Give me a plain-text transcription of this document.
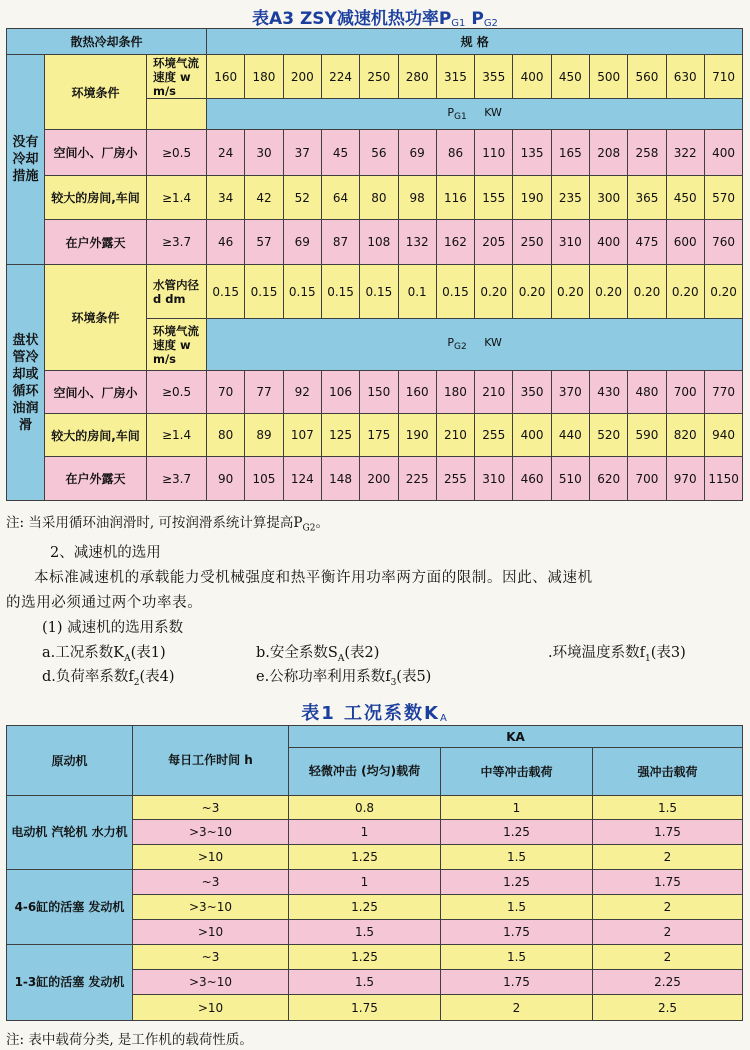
表A3 ZSY减速机热功率$P_{G1}$ $P_{G2}$
散热冷却条件			规 格													
没有冷却措施	环境条件	环境气流速度 w m/s	160	180	200	224	250	280	315	355	400	450	500	560	630	710
			$P_{G1}$ KW													
	空间小、厂房小	≥0.5	24	30	37	45	56	69	86	110	135	165	208	258	322	400
	较大的房间,车间	≥1.4	34	42	52	64	80	98	116	155	190	235	300	365	450	570
	在户外露天	≥3.7	46	57	69	87	108	132	162	205	250	310	400	475	600	760
盘状管冷却或循环油润滑	环境条件	水管内径 d dm	0.15	0.15	0.15	0.15	0.15	0.1	0.15	0.20	0.20	0.20	0.20	0.20	0.20	0.20
		环境气流速度 w m/s	$P_{G2}$ KW													
	空间小、厂房小	≥0.5	70	77	92	106	150	160	180	210	350	370	430	480	700	770
	较大的房间,车间	≥1.4	80	89	107	125	175	190	210	255	400	440	520	590	820	940
	在户外露天	≥3.7	90	105	124	148	200	225	255	310	460	510	620	700	970	1150
注: 当采用循环油润滑时, 可按润滑系统计算提高$P_{G2}$。
2、减速机的选用
本标准减速机的承载能力受机械强度和热平衡许用功率两方面的限制。因此、减速机
的选用必须通过两个功率表。
(1) 减速机的选用系数
a.工况系数$K_A$(表1)	b.安全系数$S_A$(表2)	.环境温度系数$f_1$(表3)
d.负荷率系数$f_2$(表4)	e.公称功率利用系数$f_3$(表5)
表1 工况系数$K_A$
原动机	每日工作时间 h	KA		
		轻微冲击 (均匀)载荷	中等冲击载荷	强冲击载荷
电动机 汽轮机 水力机	~3	0.8	1	1.5
	>3~10	1	1.25	1.75
	>10	1.25	1.5	2
4-6缸的活塞 发动机	~3	1	1.25	1.75
	>3~10	1.25	1.5	2
	>10	1.5	1.75	2
1-3缸的活塞 发动机	~3	1.25	1.5	2
	>3~10	1.5	1.75	2.25
	>10	1.75	2	2.5
注: 表中载荷分类, 是工作机的载荷性质。
